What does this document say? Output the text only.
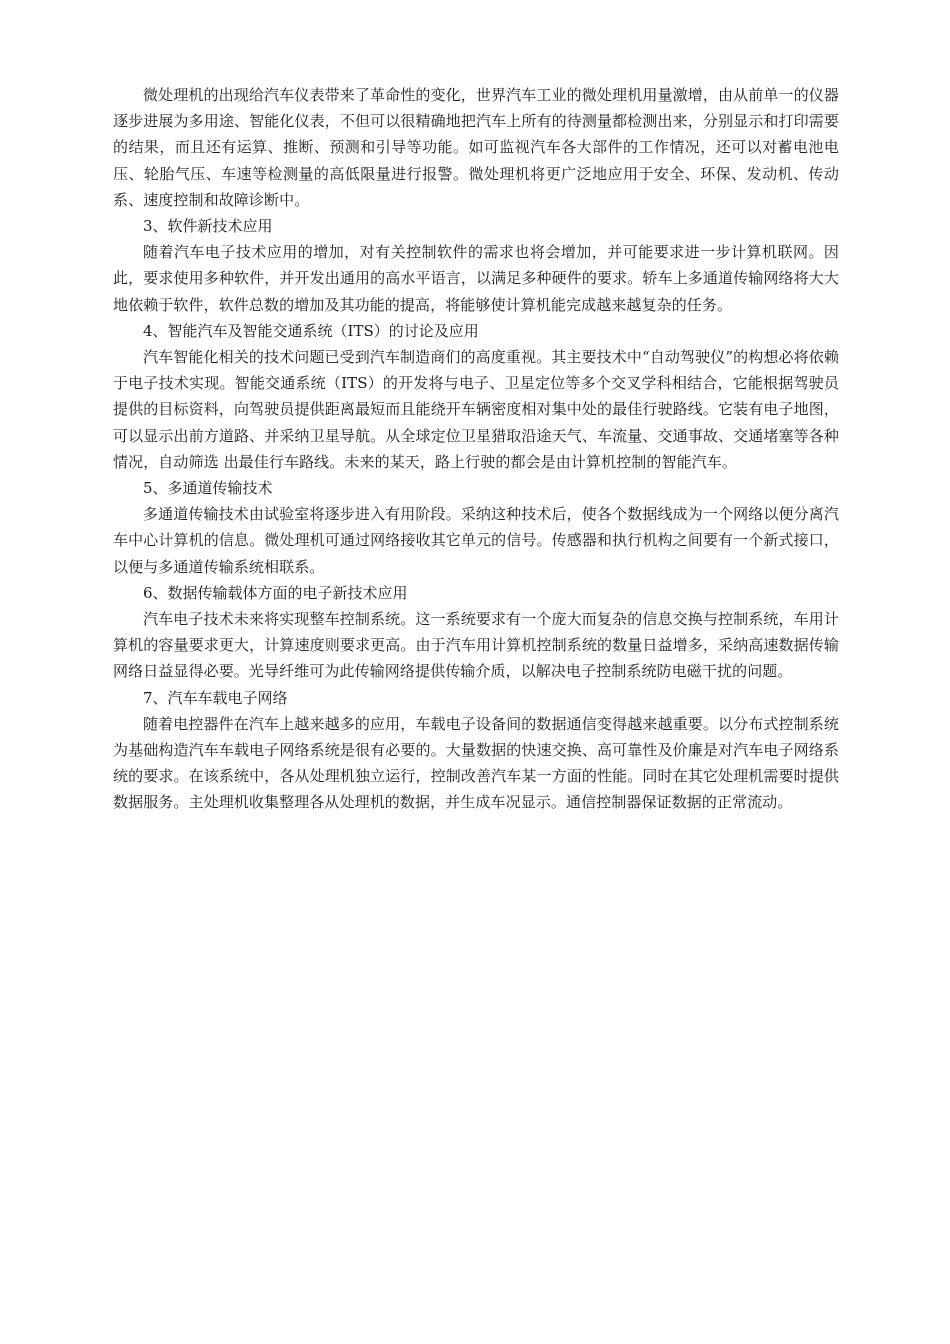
微处理机的出现给汽车仪表带来了革命性的变化，世界汽车工业的微处理机用量激增，由从前单一的仪器逐步进展为多用途、智能化仪表，不但可以很精确地把汽车上所有的待测量都检测出来，分别显示和打印需要的结果，而且还有运算、推断、预测和引导等功能。如可监视汽车各大部件的工作情况，还可以对蓄电池电压、轮胎气压、车速等检测量的高低限量进行报警。微处理机将更广泛地应用于安全、环保、发动机、传动系、速度控制和故障诊断中。

3、软件新技术应用

随着汽车电子技术应用的增加，对有关控制软件的需求也将会增加，并可能要求进一步计算机联网。因此，要求使用多种软件，并开发出通用的高水平语言，以满足多种硬件的要求。轿车上多通道传输网络将大大地依赖于软件，软件总数的增加及其功能的提高，将能够使计算机能完成越来越复杂的任务。

4、智能汽车及智能交通系统（ITS）的讨论及应用

汽车智能化相关的技术问题已受到汽车制造商们的高度重视。其主要技术中“自动驾驶仪”的构想必将依赖于电子技术实现。智能交通系统（ITS）的开发将与电子、卫星定位等多个交叉学科相结合，它能根据驾驶员提供的目标资料，向驾驶员提供距离最短而且能绕开车辆密度相对集中处的最佳行驶路线。它装有电子地图，可以显示出前方道路、并采纳卫星导航。从全球定位卫星猎取沿途天气、车流量、交通事故、交通堵塞等各种情况，自动筛选 出最佳行车路线。未来的某天，路上行驶的都会是由计算机控制的智能汽车。

5、多通道传输技术

多通道传输技术由试验室将逐步进入有用阶段。采纳这种技术后，使各个数据线成为一个网络以便分离汽车中心计算机的信息。微处理机可通过网络接收其它单元的信号。传感器和执行机构之间要有一个新式接口，以便与多通道传输系统相联系。

6、数据传输载体方面的电子新技术应用

汽车电子技术未来将实现整车控制系统。这一系统要求有一个庞大而复杂的信息交换与控制系统，车用计算机的容量要求更大，计算速度则要求更高。由于汽车用计算机控制系统的数量日益增多，采纳高速数据传输网络日益显得必要。光导纤维可为此传输网络提供传输介质，以解决电子控制系统防电磁干扰的问题。

7、汽车车载电子网络

随着电控器件在汽车上越来越多的应用，车载电子设备间的数据通信变得越来越重要。以分布式控制系统为基础构造汽车车载电子网络系统是很有必要的。大量数据的快速交换、高可靠性及价廉是对汽车电子网络系统的要求。在该系统中，各从处理机独立运行，控制改善汽车某一方面的性能。同时在其它处理机需要时提供数据服务。主处理机收集整理各从处理机的数据，并生成车况显示。通信控制器保证数据的正常流动。
